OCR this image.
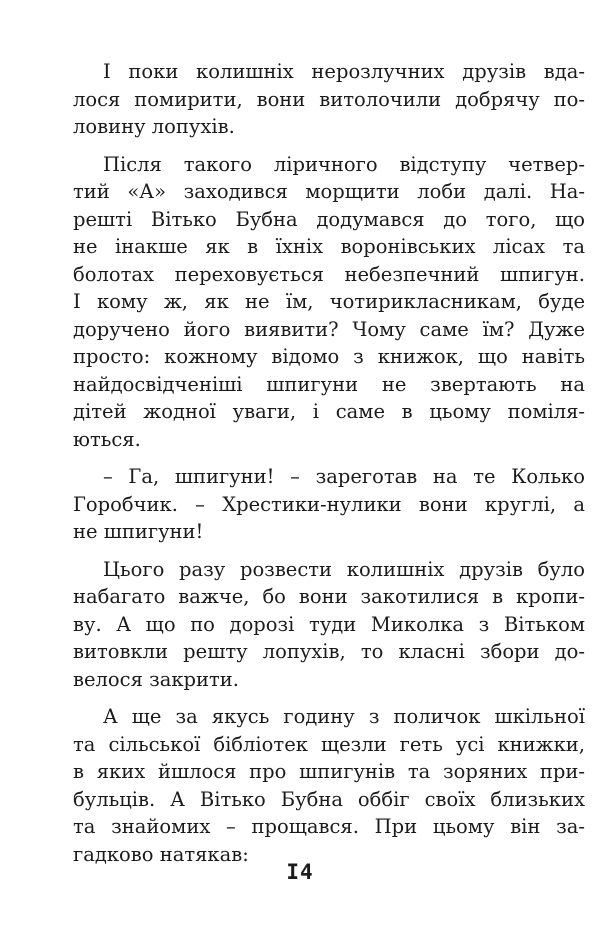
І поки колишніх нерозлучних друзів вда-
лося помирити, вони витолочили добрячу по-
ловину лопухів.

Після такого ліричного відступу четвер-
тий «А» заходився морщити лоби далі. На-
решті Вітько Бубна додумався до того, що
не інакше як в їхніх воронівських лісах та
болотах переховується небезпечний шпигун.
І кому ж, як не їм, чотирикласникам, буде
доручено його виявити? Чому саме їм? Дуже
просто: кожному відомо з книжок, що навіть
найдосвідченіші шпигуни не звертають на
дітей жодної уваги, і саме в цьому поміля-
ються.

– Га, шпигуни! – зареготав на те Колько
Горобчик. – Хрестики-нулики вони круглі, а
не шпигуни!

Цього разу розвести колишніх друзів було
набагато важче, бо вони закотилися в кропи-
ву. А що по дорозі туди Миколка з Вітьком
витовкли решту лопухів, то класні збори до-
велося закрити.

А ще за якусь годину з поличок шкільної
та сільської бібліотек щезли геть усі книжки,
в яких йшлося про шпигунів та зоряних при-
бульців. А Вітько Бубна оббіг своїх близьких
та знайомих – прощався. При цьому він за-
гадково натякав:

I4
